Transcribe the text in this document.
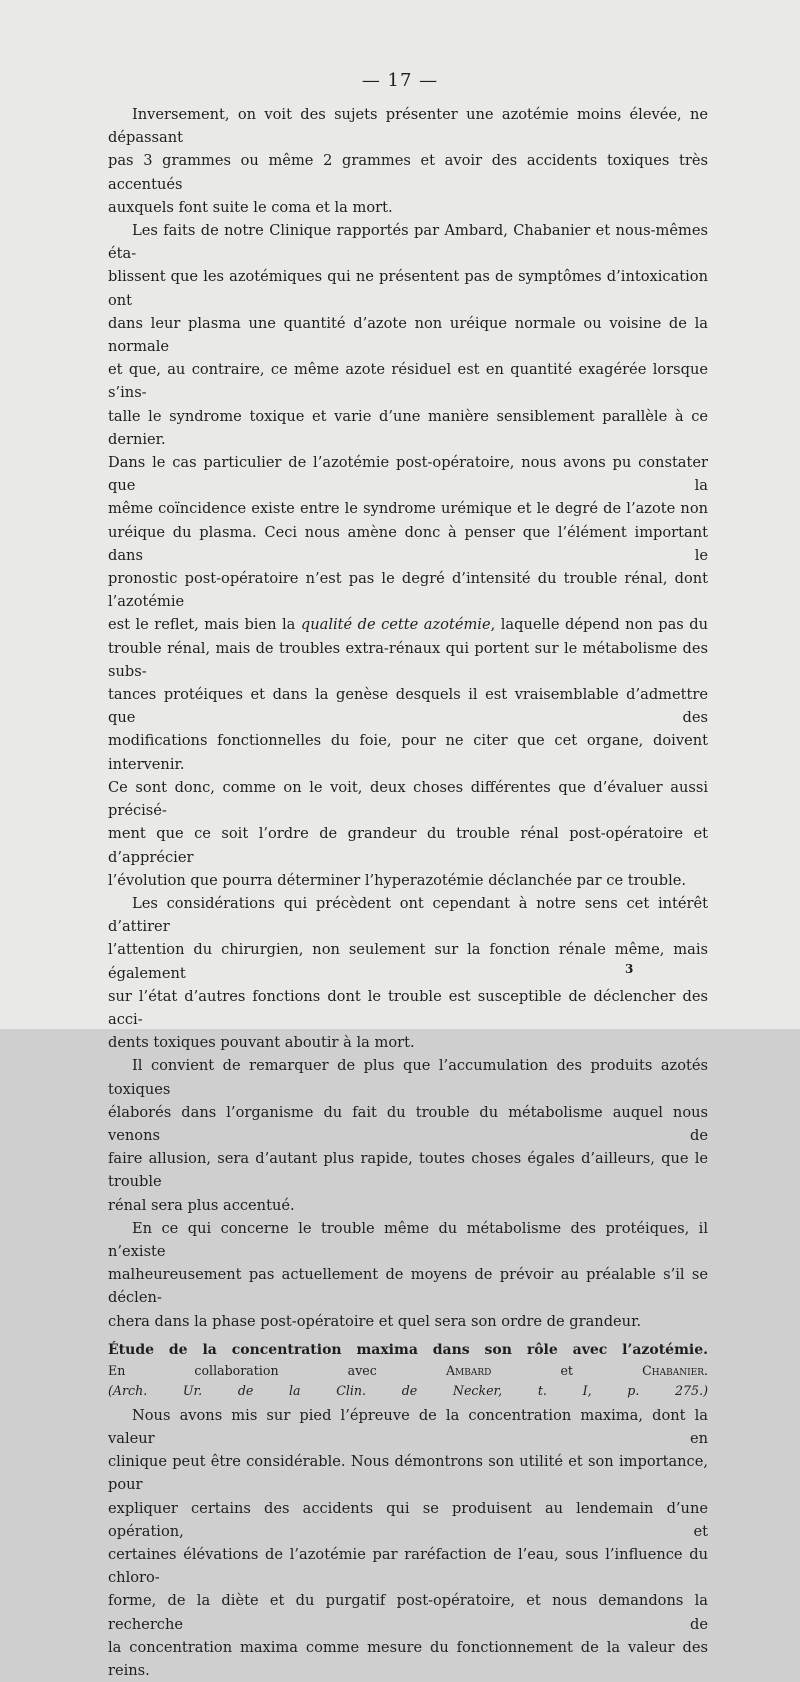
— 17 —

Inversement, on voit des sujets présenter une azotémie moins élevée, ne dépassant

pas 3 grammes ou même 2 grammes et avoir des accidents toxiques très accentués

auxquels font suite le coma et la mort.

Les faits de notre Clinique rapportés par Ambard, Chabanier et nous-mêmes éta-

blissent que les azotémiques qui ne présentent pas de symptômes d’intoxication ont

dans leur plasma une quantité d’azote non uréique normale ou voisine de la normale

et que, au contraire, ce même azote résiduel est en quantité exagérée lorsque s’ins-

talle le syndrome toxique et varie d’une manière sensiblement parallèle à ce dernier.

Dans le cas particulier de l’azotémie post-opératoire, nous avons pu constater que la

même coïncidence existe entre le syndrome urémique et le degré de l’azote non

uréique du plasma. Ceci nous amène donc à penser que l’élément important dans le

pronostic post-opératoire n’est pas le degré d’intensité du trouble rénal, dont l’azotémie

est le reflet, mais bien la qualité de cette azotémie, laquelle dépend non pas du

trouble rénal, mais de troubles extra-rénaux qui portent sur le métabolisme des subs-

tances protéiques et dans la genèse desquels il est vraisemblable d’admettre que des

modifications fonctionnelles du foie, pour ne citer que cet organe, doivent intervenir.

Ce sont donc, comme on le voit, deux choses différentes que d’évaluer aussi précisé-

ment que ce soit l’ordre de grandeur du trouble rénal post-opératoire et d’apprécier

l’évolution que pourra déterminer l’hyperazotémie déclanchée par ce trouble.

Les considérations qui précèdent ont cependant à notre sens cet intérêt d’attirer

l’attention du chirurgien, non seulement sur la fonction rénale même, mais également

sur l’état d’autres fonctions dont le trouble est susceptible de déclencher des acci-

dents toxiques pouvant aboutir à la mort.

Il convient de remarquer de plus que l’accumulation des produits azotés toxiques

élaborés dans l’organisme du fait du trouble du métabolisme auquel nous venons de

faire allusion, sera d’autant plus rapide, toutes choses égales d’ailleurs, que le trouble

rénal sera plus accentué.

En ce qui concerne le trouble même du métabolisme des protéiques, il n’existe

malheureusement pas actuellement de moyens de prévoir au préalable s’il se déclen-

chera dans la phase post-opératoire et quel sera son ordre de grandeur.

Étude de la concentration maxima dans son rôle avec l’azotémie.

En collaboration avec Ambard et Chabanier.

(Arch. Ur. de la Clin. de Necker, t. I, p. 275.)

Nous avons mis sur pied l’épreuve de la concentration maxima, dont la valeur en

clinique peut être considérable. Nous démontrons son utilité et son importance, pour

expliquer certains des accidents qui se produisent au lendemain d’une opération, et

certaines élévations de l’azotémie par raréfaction de l’eau, sous l’influence du chloro-

forme, de la diète et du purgatif post-opératoire, et nous demandons la recherche de

la concentration maxima comme mesure du fonctionnement de la valeur des reins.

3
